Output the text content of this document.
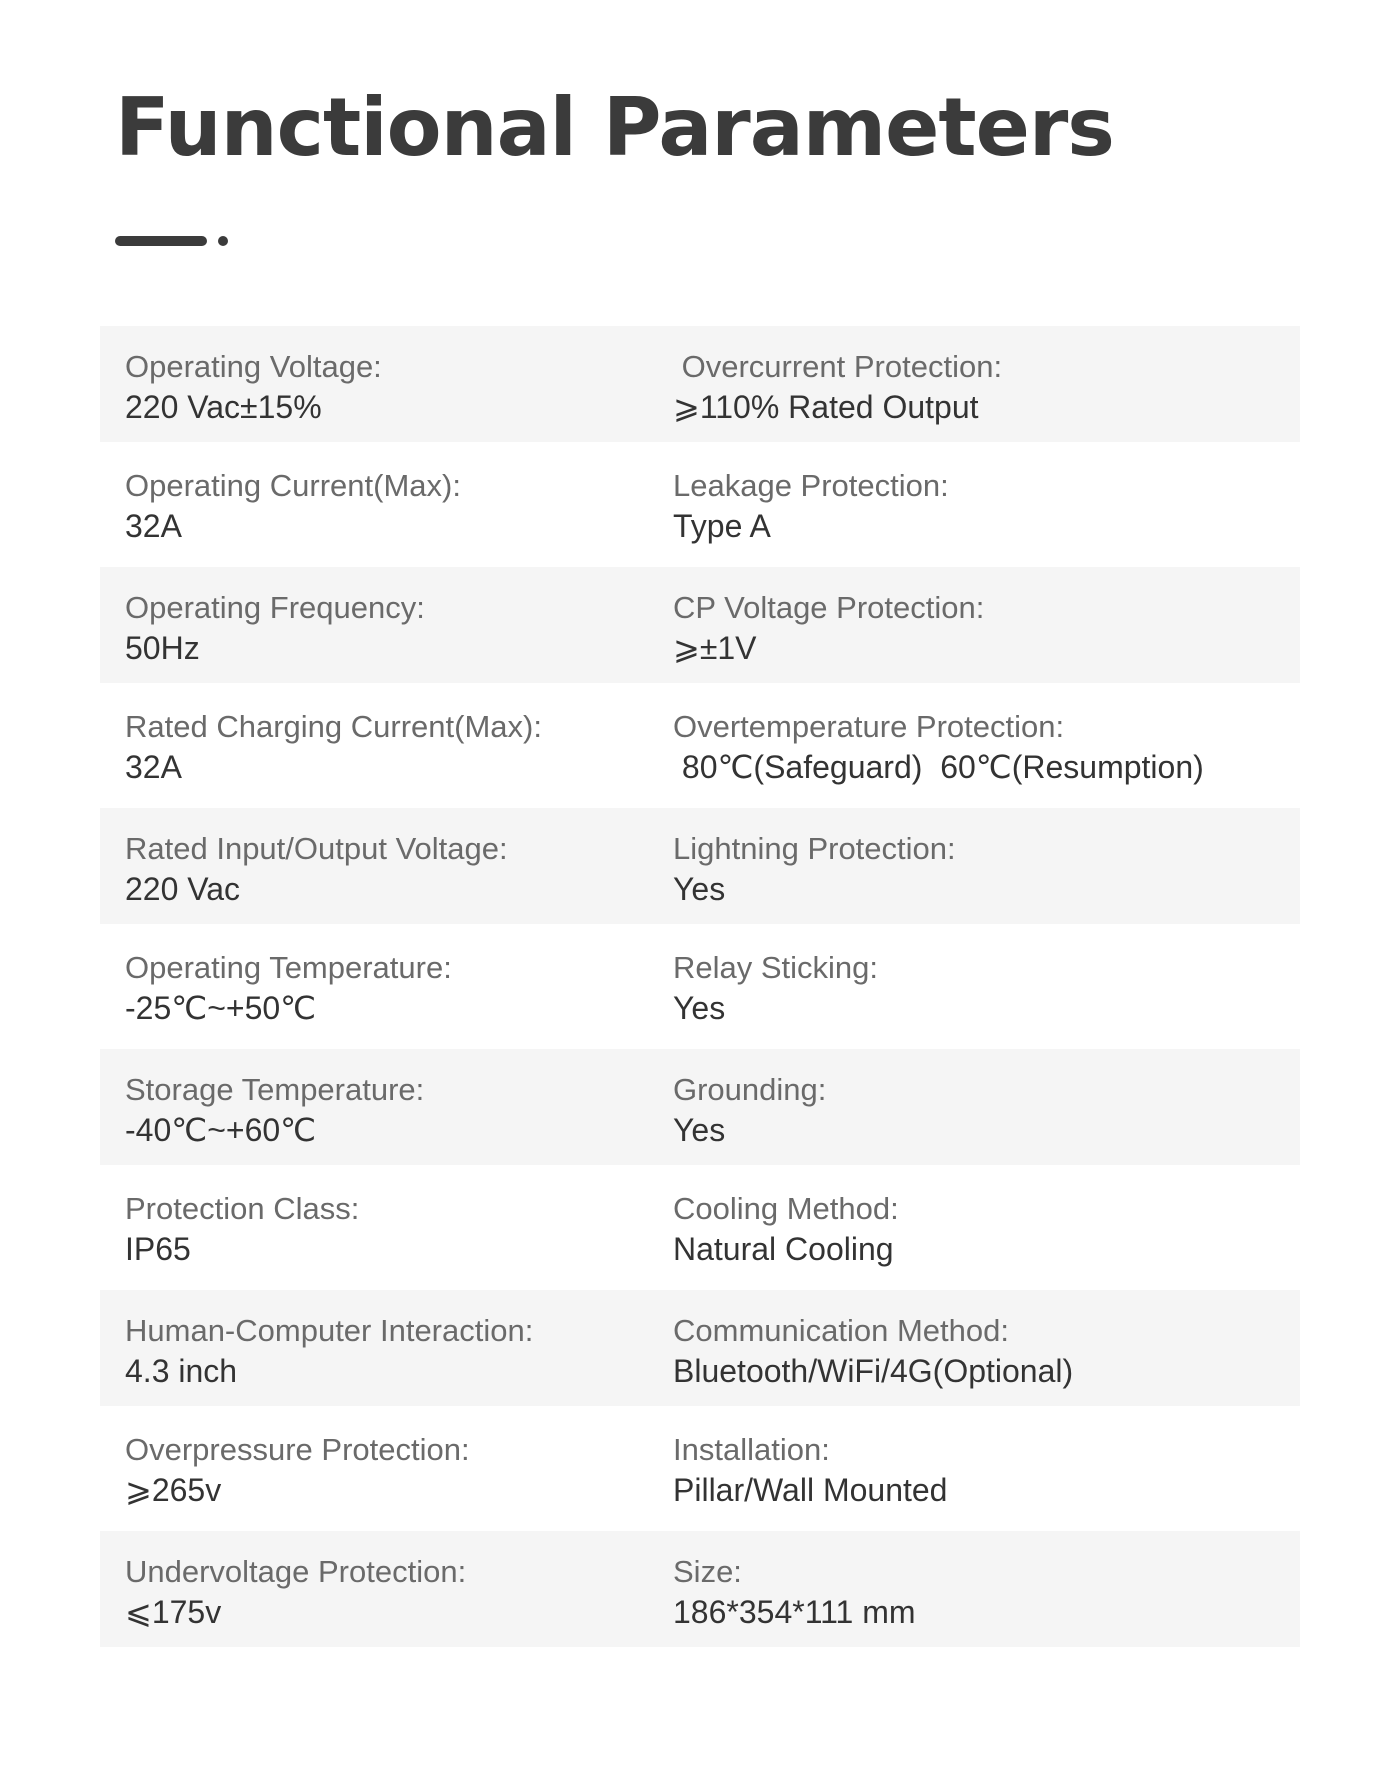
Functional Parameters
Operating Voltage:
220 Vac±15%
Overcurrent Protection:
⩾110% Rated Output
Operating Current(Max):
32A
Leakage Protection:
Type A
Operating Frequency:
50Hz
CP Voltage Protection:
⩾±1V
Rated Charging Current(Max):
32A
Overtemperature Protection:
80℃(Safeguard)  60℃(Resumption)
Rated Input/Output Voltage:
220 Vac
Lightning Protection:
Yes
Operating Temperature:
-25℃~+50℃
Relay Sticking:
Yes
Storage Temperature:
-40℃~+60℃
Grounding:
Yes
Protection Class:
IP65
Cooling Method:
Natural Cooling
Human-Computer Interaction:
4.3 inch
Communication Method:
Bluetooth/WiFi/4G(Optional)
Overpressure Protection:
⩾265v
Installation:
Pillar/Wall Mounted
Undervoltage Protection:
⩽175v
Size:
186*354*111 mm
